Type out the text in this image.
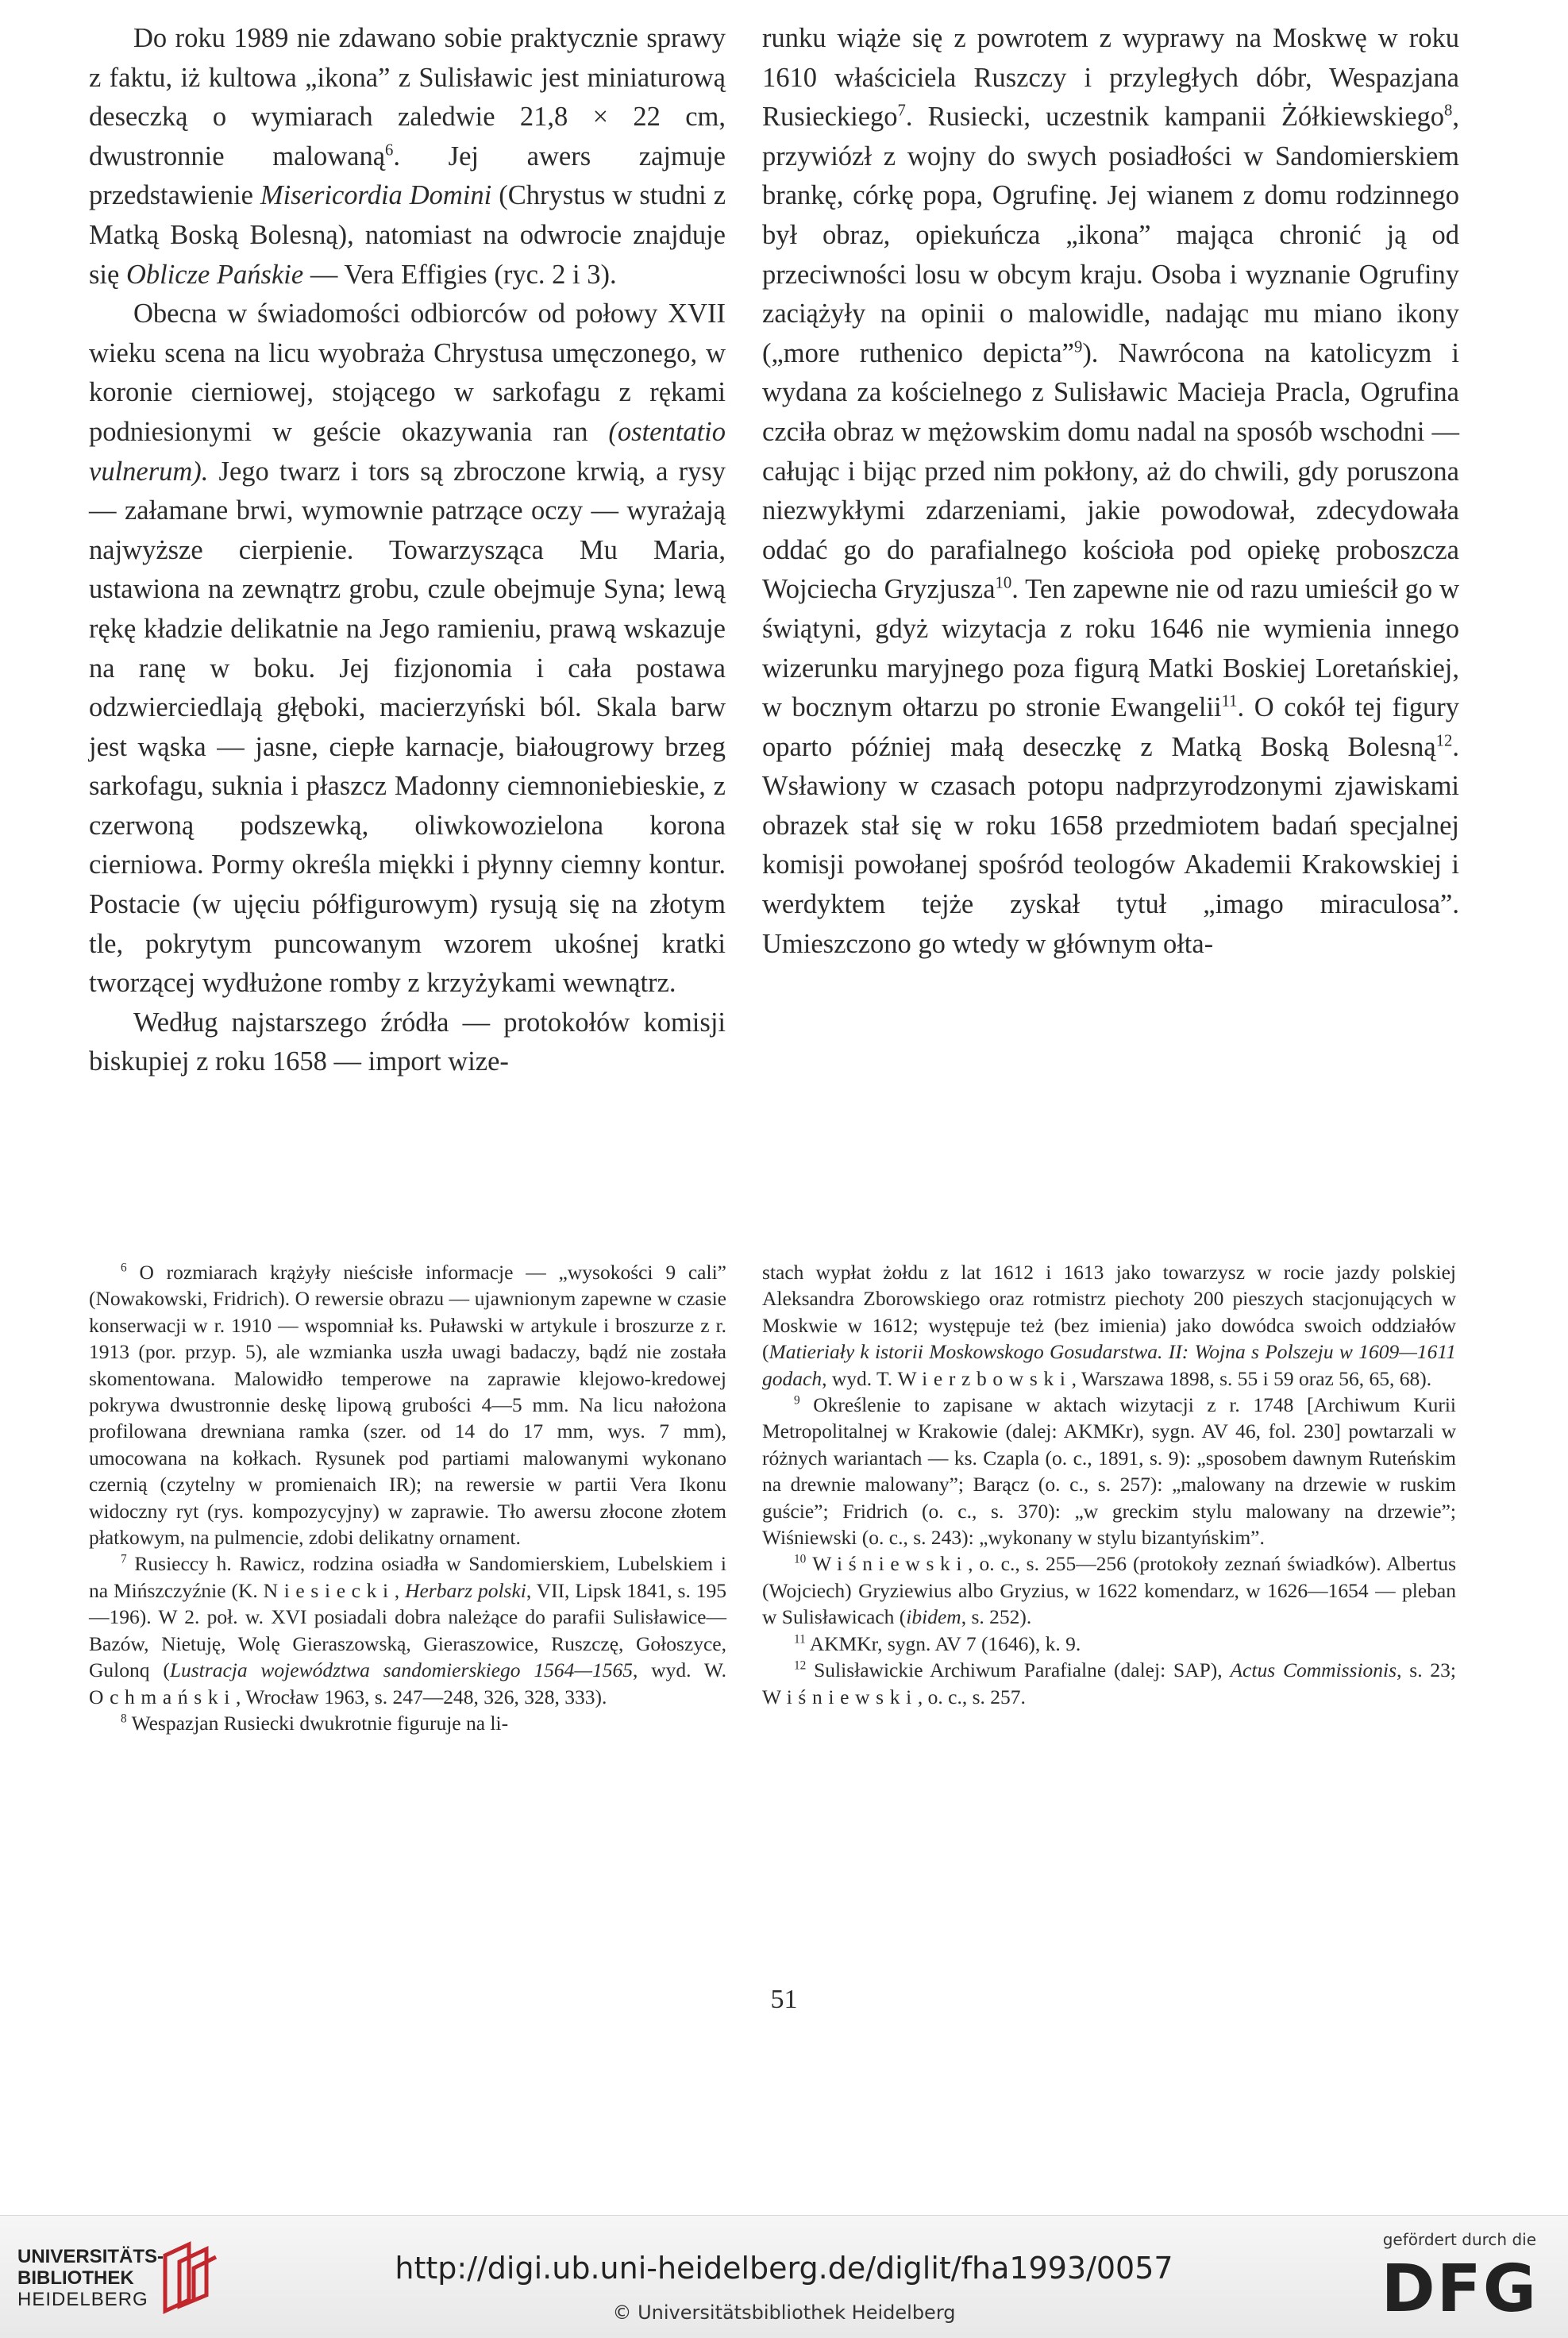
Do roku 1989 nie zdawano sobie praktycznie sprawy z faktu, iż kultowa „ikona” z Sulisławic jest miniaturową deseczką o wymiarach zaledwie 21,8 × 22 cm, dwustronnie malowaną$^6$. Jej awers zajmuje przedstawienie Misericordia Domini (Chrystus w studni z Matką Boską Bolesną), natomiast na odwrocie znajduje się Oblicze Pańskie — Vera Effigies (ryc. 2 i 3).

Obecna w świadomości odbiorców od połowy XVII wieku scena na licu wyobraża Chrystusa umęczonego, w koronie cierniowej, stojącego w sarkofagu z rękami podniesionymi w geście okazywania ran (ostentatio vulnerum). Jego twarz i tors są zbroczone krwią, a rysy — załamane brwi, wymownie patrzące oczy — wyrażają najwyższe cierpienie. Towarzysząca Mu Maria, ustawiona na zewnątrz grobu, czule obejmuje Syna; lewą rękę kładzie delikatnie na Jego ramieniu, prawą wskazuje na ranę w boku. Jej fizjonomia i cała postawa odzwierciedlają głęboki, macierzyński ból. Skala barw jest wąska — jasne, ciepłe karnacje, białougrowy brzeg sarkofagu, suknia i płaszcz Madonny ciemnoniebieskie, z czerwoną podszewką, oliwkowozielona korona cierniowa. Pormy określa miękki i płynny ciemny kontur. Postacie (w ujęciu półfigurowym) rysują się na złotym tle, pokrytym puncowanym wzorem ukośnej kratki tworzącej wydłużone romby z krzyżykami wewnątrz.

Według najstarszego źródła — protokołów komisji biskupiej z roku 1658 — import wize-

runku wiąże się z powrotem z wyprawy na Moskwę w roku 1610 właściciela Ruszczy i przyległych dóbr, Wespazjana Rusieckiego$^7$. Rusiecki, uczestnik kampanii Żółkiewskiego$^8$, przywiózł z wojny do swych posiadłości w Sandomierskiem brankę, córkę popa, Ogrufinę. Jej wianem z domu rodzinnego był obraz, opiekuńcza „ikona” mająca chronić ją od przeciwności losu w obcym kraju. Osoba i wyznanie Ogrufiny zaciążyły na opinii o malowidle, nadając mu miano ikony („more ruthenico depicta”$^9$). Nawrócona na katolicyzm i wydana za kościelnego z Sulisławic Macieja Pracla, Ogrufina czciła obraz w mężowskim domu nadal na sposób wschodni — całując i bijąc przed nim pokłony, aż do chwili, gdy poruszona niezwykłymi zdarzeniami, jakie powodował, zdecydowała oddać go do parafialnego kościoła pod opiekę proboszcza Wojciecha Gryzjusza$^{10}$. Ten zapewne nie od razu umieścił go w świątyni, gdyż wizytacja z roku 1646 nie wymienia innego wizerunku maryjnego poza figurą Matki Boskiej Loretańskiej, w bocznym ołtarzu po stronie Ewangelii$^{11}$. O cokół tej figury oparto później małą deseczkę z Matką Boską Bolesną$^{12}$. Wsławiony w czasach potopu nadprzyrodzonymi zjawiskami obrazek stał się w roku 1658 przedmiotem badań specjalnej komisji powołanej spośród teologów Akademii Krakowskiej i werdyktem tejże zyskał tytuł „imago miraculosa”. Umieszczono go wtedy w głównym ołta-

$^6$ O rozmiarach krążyły nieścisłe informacje — „wysokości 9 cali” (Nowakowski, Fridrich). O rewersie obrazu — ujawnionym zapewne w czasie konserwacji w r. 1910 — wspomniał ks. Puławski w artykule i broszurze z r. 1913 (por. przyp. 5), ale wzmianka uszła uwagi badaczy, bądź nie została skomentowana. Malowidło temperowe na zaprawie klejowo-kredowej pokrywa dwustronnie deskę lipową grubości 4—5 mm. Na licu nałożona profilowana drewniana ramka (szer. od 14 do 17 mm, wys. 7 mm), umocowana na kołkach. Rysunek pod partiami malowanymi wykonano czernią (czytelny w promienaich IR); na rewersie w partii Vera Ikonu widoczny ryt (rys. kompozycyjny) w zaprawie. Tło awersu złocone złotem płatkowym, na pulmencie, zdobi delikatny ornament.

$^7$ Rusieccy h. Rawicz, rodzina osiadła w Sandomierskiem, Lubelskiem i na Mińszczyźnie (K. Niesiecki, Herbarz polski, VII, Lipsk 1841, s. 195—196). W 2. poł. w. XVI posiadali dobra należące do parafii Sulisławice—Bazów, Nietuję, Wolę Gieraszowską, Gieraszowice, Ruszczę, Gołoszyce, Gulonq (Lustracja województwa sandomierskiego 1564—1565, wyd. W. Ochmański, Wrocław 1963, s. 247—248, 326, 328, 333).

$^8$ Wespazjan Rusiecki dwukrotnie figuruje na li-

stach wypłat żołdu z lat 1612 i 1613 jako towarzysz w rocie jazdy polskiej Aleksandra Zborowskiego oraz rotmistrz piechoty 200 pieszych stacjonujących w Moskwie w 1612; występuje też (bez imienia) jako dowódca swoich oddziałów (Matieriały k istorii Moskowskogo Gosudarstwa. II: Wojna s Polszeju w 1609—1611 godach, wyd. T. Wierzbowski, Warszawa 1898, s. 55 i 59 oraz 56, 65, 68).

$^9$ Określenie to zapisane w aktach wizytacji z r. 1748 [Archiwum Kurii Metropolitalnej w Krakowie (dalej: AKMKr), sygn. AV 46, fol. 230] powtarzali w różnych wariantach — ks. Czapla (o. c., 1891, s. 9): „sposobem dawnym Ruteńskim na drewnie malowany”; Barącz (o. c., s. 257): „malowany na drzewie w ruskim guście”; Fridrich (o. c., s. 370): „w greckim stylu malowany na drzewie”; Wiśniewski (o. c., s. 243): „wykonany w stylu bizantyńskim”.

$^{10}$ Wiśniewski, o. c., s. 255—256 (protokoły zeznań świadków). Albertus (Wojciech) Gryziewius albo Gryzius, w 1622 komendarz, w 1626—1654 — pleban w Sulisławicach (ibidem, s. 252).

$^{11}$ AKMKr, sygn. AV 7 (1646), k. 9.

$^{12}$ Sulisławickie Archiwum Parafialne (dalej: SAP), Actus Commissionis, s. 23; Wiśniewski, o. c., s. 257.

51
UNIVERSITÄTS-
BIBLIOTHEK
HEIDELBERG
http://digi.ub.uni-heidelberg.de/diglit/fha1993/0057
© Universitätsbibliothek Heidelberg
gefördert durch die
DFG
